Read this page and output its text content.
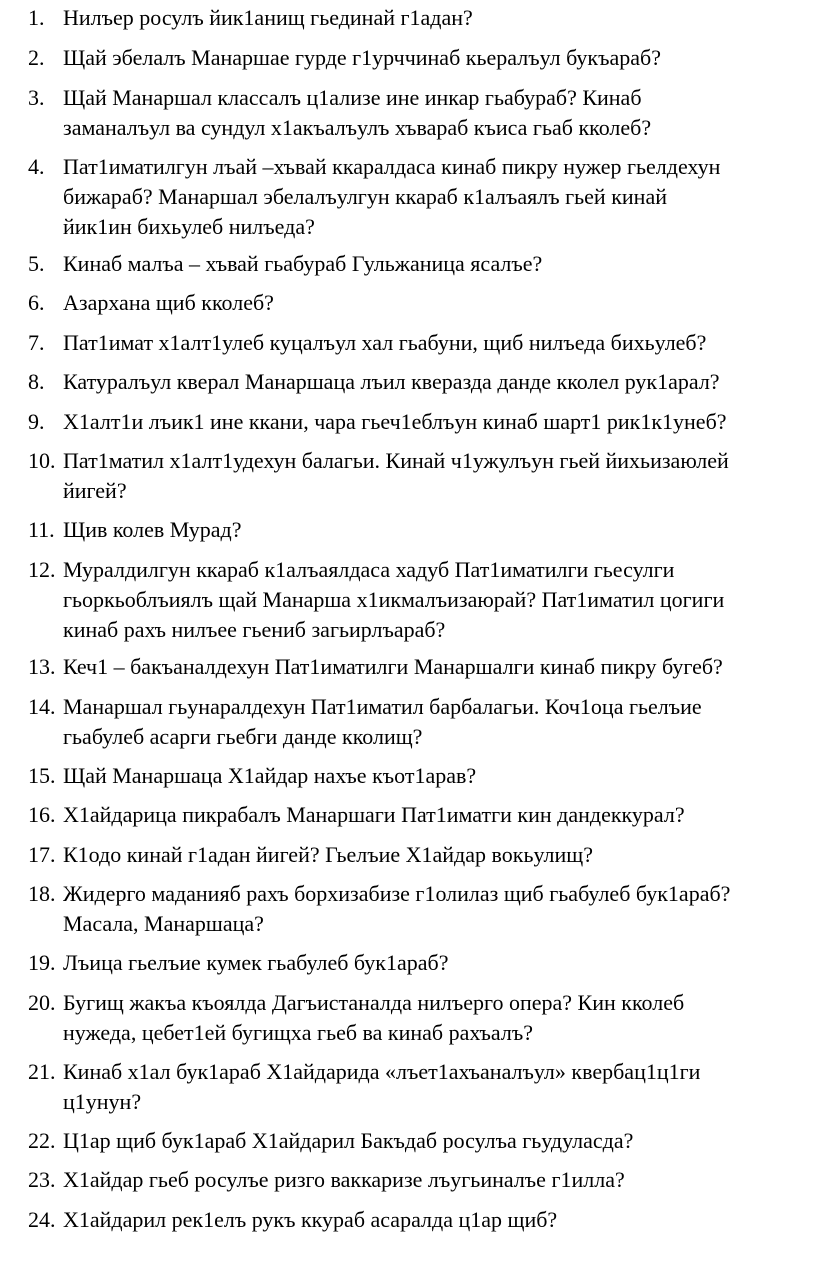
1. Нилъер росулъ йик1анищ гьединай г1адан?
2. Щай эбелалъ Манаршае гурде г1урччинаб кьералъул букъараб?
3. Щай Манаршал классалъ ц1ализе ине инкар гьабураб? Кинаб
заманалъул ва сундул х1акъалъулъ хъвараб къиса гьаб кколеб?
4. Пат1иматилгун лъай –хъвай ккаралдаса кинаб пикру нужер гьелдехун
бижараб? Манаршал эбелалъулгун ккараб к1алъаялъ гьей кинай
йик1ин бихьулеб нилъеда?
5. Кинаб малъа – хъвай гьабураб Гульжаница ясалъе?
6. Азархана щиб ккол‌еб?
7. Пат1имат х1алт1улеб куцалъул хал гьабуни, щиб нилъеда бихьулеб?
8. Катуралъул кверал Манаршаца лъил кверазда данде кколел рук1арал?
9. Х1алт1и лъик1 ине ккани, чара гьеч1еблъун кинаб шарт1 рик1к1унеб?
10. Пат1матил х1алт1удехун балагьи. Кинай ч1ужулъун гьей йихьизаюлей
йигей?
11. Щив колев Мурад?
12. Муралдилгун ккараб к1алъаялдаса хадуб Пат1иматилги гьесулги
гьоркьоблъиялъ щай Манарша х1икмалъизаюрай? Пат1иматил цогиги
кинаб рахъ нилъее гьениб загьирлъараб?
13. Кеч1 – бакъаналдехун Пат1иматилги Манаршалги кинаб пикру бугеб?
14. Манаршал гьунаралдехун Пат1иматил барбалагьи. Коч1оца гьелъие
гьабулеб асарги гьебги данде кколищ?
15. Щай Манаршаца Х1айдар нахъе къот1арав?
16. Х1айдарица пикрабалъ Манаршаги Пат1иматги кин дандеккурал?
17. К1одо кинай г1адан йигей? Гьелъие Х1айдар вокьулищ?
18. Жидерго маданияб рахъ борхизабизе г1олилаз щиб гьабулеб бук1араб?
Масала, Манаршаца?
19. Лъица гьелъие кумек гьабулеб бук1араб?
20. Бугищ жакъа къоялда Дагъистаналда нилъерго опера? Кин кколеб
нужеда, цебет1ей бугищхa гьеб ва кинаб рахъалъ?
21. Кинаб х1ал бук1араб Х1айдарида «лъет1ахъаналъул» квербац1ц1ги
ц1унун?
22. Ц1ар щиб бук1араб Х1айдарил Бакъдаб росулъа гьудуласда?
23. Х1айдар гьеб росулъе ризго ваккаризе лъугьиналъе г1илла?
24. Х1айдарил рек1елъ рукъ ккураб асаралда ц1ар щиб?
